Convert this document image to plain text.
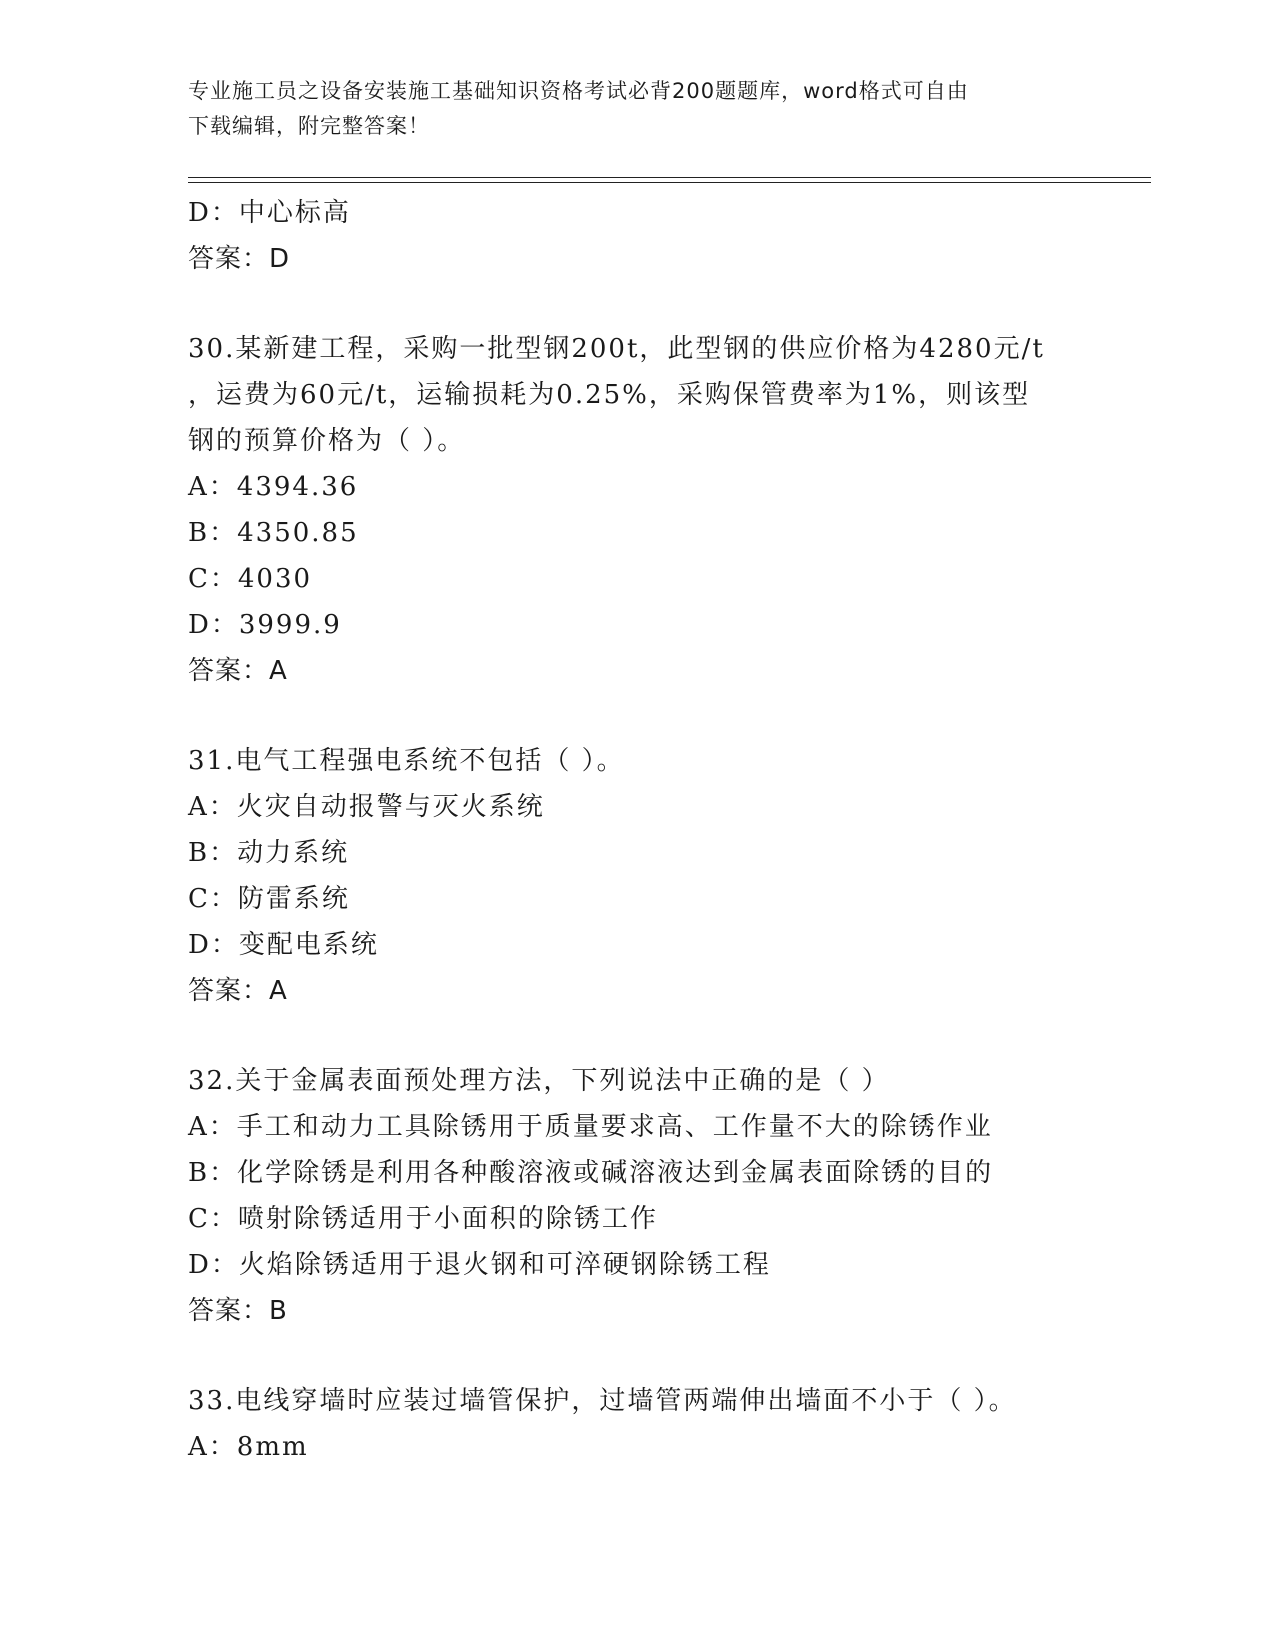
专业施工员之设备安装施工基础知识资格考试必背200题题库，word格式可自由
下载编辑，附完整答案！
D：中心标高
答案：D
30.某新建工程，采购一批型钢200t，此型钢的供应价格为4280元/t
，运费为60元/t，运输损耗为0.25%，采购保管费率为1%，则该型
钢的预算价格为（ ）。
A：4394.36
B：4350.85
C：4030
D：3999.9
答案：A
31.电气工程强电系统不包括（ ）。
A：火灾自动报警与灭火系统
B：动力系统
C：防雷系统
D：变配电系统
答案：A
32.关于金属表面预处理方法，下列说法中正确的是（ ）
A：手工和动力工具除锈用于质量要求高、工作量不大的除锈作业
B：化学除锈是利用各种酸溶液或碱溶液达到金属表面除锈的目的
C：喷射除锈适用于小面积的除锈工作
D：火焰除锈适用于退火钢和可淬硬钢除锈工程
答案：B
33.电线穿墙时应装过墙管保护，过墙管两端伸出墙面不小于（ ）。
A：8mm
